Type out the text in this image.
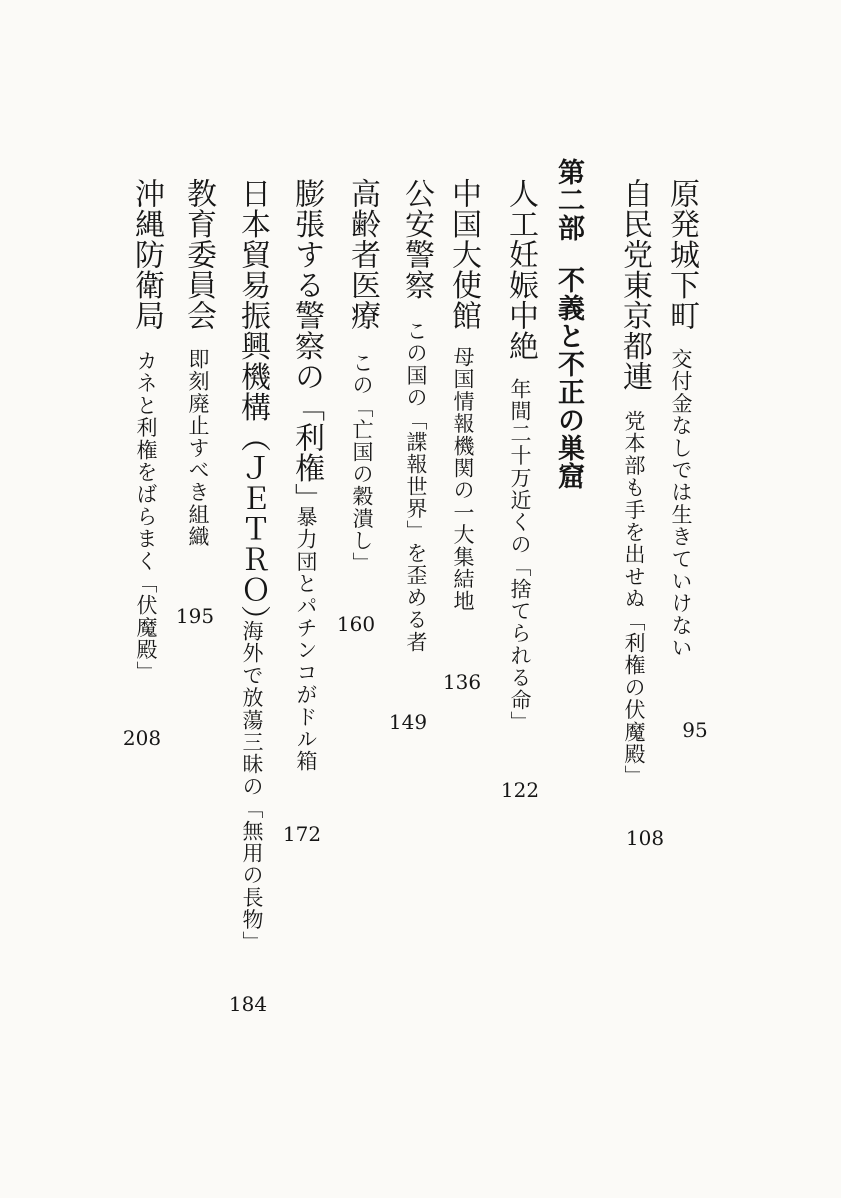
原発城下町
交付金なしでは生きていけない
95
自民党東京都連
党本部も手を出せぬ「利権の伏魔殿」
108
第二部不義と不正の巣窟
人工妊娠中絶
年間二十万近くの「捨てられる命」
122
中国大使館
母国情報機関の一大集結地
136
公安警察
この国の「諜報世界」を歪める者
149
高齢者医療
この「亡国の穀潰し」
160
膨張する警察の「利権」
暴力団とパチンコがドル箱
172
日本貿易振興機構（ＪＥＴＲＯ）
海外で放蕩三昧の「無用の長物」
184
教育委員会
即刻廃止すべき組織
195
沖縄防衛局
カネと利権をばらまく「伏魔殿」
208
